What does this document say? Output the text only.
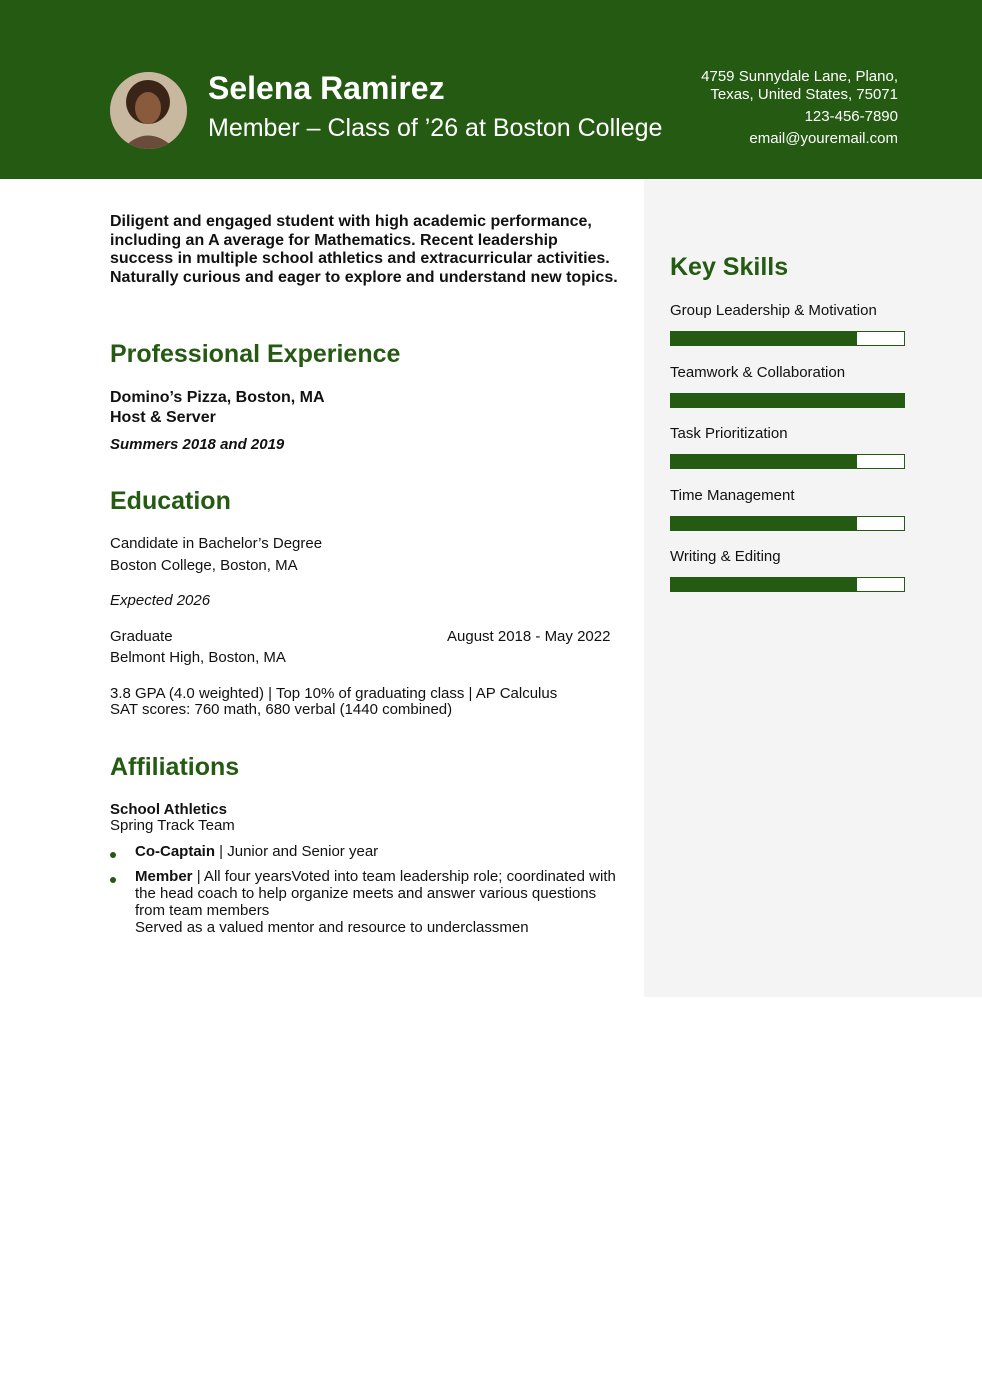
Selena Ramirez
Member – Class of ’26 at Boston College
4759 Sunnydale Lane, Plano,
Texas, United States, 75071
123-456-7890
email@youremail.com
Diligent and engaged student with high academic performance, including an A average for Mathematics. Recent leadership success in multiple school athletics and extracurricular activities. Naturally curious and eager to explore and understand new topics.
Professional Experience
Domino’s Pizza, Boston, MA
Host & Server
Summers 2018 and 2019
Education
Candidate in Bachelor’s Degree
Boston College, Boston, MA
Expected 2026
Graduate	August 2018 - May 2022
Belmont High, Boston, MA
3.8 GPA (4.0 weighted) | Top 10% of graduating class | AP Calculus
SAT scores: 760 math, 680 verbal (1440 combined)
Affiliations
School Athletics
Spring Track Team
Co-Captain | Junior and Senior year
Member | All four yearsVoted into team leadership role; coordinated with the head coach to help organize meets and answer various questions from team members
Served as a valued mentor and resource to underclassmen
Key Skills
Group Leadership & Motivation
Teamwork & Collaboration
Task Prioritization
Time Management
Writing & Editing
